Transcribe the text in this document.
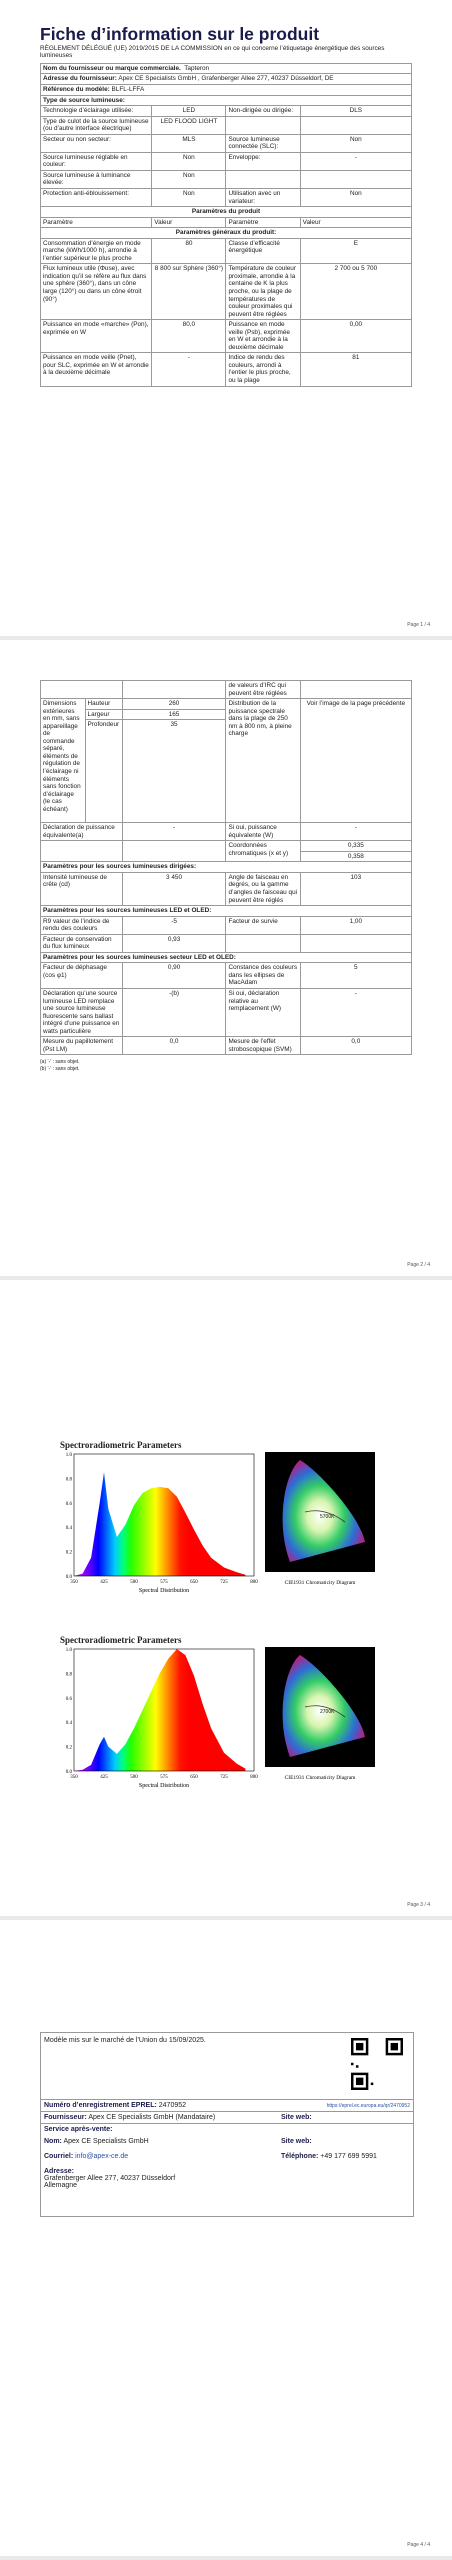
Fiche d’information sur le produit
RÈGLEMENT DÉLÉGUÉ (UE) 2019/2015 DE LA COMMISSION en ce qui concerne l’étiquetage énergétique des sources lumineuses
Nom du fournisseur ou marque commerciale. Tapteron			
Adresse du fournisseur: Apex CE Specialists GmbH , Grafenberger Allee 277, 40237 Düsseldorf, DE			
Référence du modèle: BLFL-LFFA			
Type de source lumineuse:			
Technologie d’éclairage utilisée:	LED	Non-dirigée ou dirigée:	DLS
Type de culot de la source lumineuse (ou d’autre interface électrique)	LED FLOOD LIGHT		
Secteur ou non secteur:	MLS	Source lumineuse connectée (SLC):	Non
Source lumineuse réglable en couleur:	Non	Enveloppe:	-
Source lumineuse à luminance élevée:	Non		
Protection anti-éblouissement:	Non	Utilisation avec un variateur:	Non
Paramètres du produit			
Paramètre	Valeur	Paramètre	Valeur
Paramètres généraux du produit:			
Consommation d’énergie en mode marche (kWh/1000 h), arrondie à l’entier supérieur le plus proche	80	Classe d’efficacité énergétique	E
Flux lumineux utile (Φuse), avec indication qu’il se réfère au flux dans une sphère (360°), dans un cône large (120°) ou dans un cône étroit (90°)	8 800 sur Sphère (360°)	Température de couleur proximale, arrondie à la centaine de K la plus proche, ou la plage de températures de couleur proximales qui peuvent être réglées	2 700 ou 5 700
Puissance en mode «marche» (Pon), exprimée en W	80,0	Puissance en mode veille (Psb), exprimée en W et arrondie à la deuxième décimale	0,00
Puissance en mode veille (Pnet), pour SLC, exprimée en W et arrondie à la deuxième décimale	-	Indice de rendu des couleurs, arrondi à l’entier le plus proche, ou la plage	81
Page 1 / 4
			de valeurs d’IRC qui peuvent être réglées	
Dimensions extérieures en mm, sans appareillage de commande séparé, éléments de régulation de l’éclairage ni éléments sans fonction d’éclairage (le cas échéant)	Hauteur	260	Distribution de la puissance spectrale dans la plage de 250 nm à 800 nm, à pleine charge	Voir l’image de la page précédente
	Largeur	165		
	Profondeur	35		
Déclaration de puissance équivalente(a)		-	Si oui, puissance équivalente (W)	-
			Coordonnées chromatiques (x et y)	0,335
				0,358
Paramètres pour les sources lumineuses dirigées:				
Intensité lumineuse de crête (cd)		3 450	Angle de faisceau en degrés, ou la gamme d’angles de faisceau qui peuvent être réglés	103
Paramètres pour les sources lumineuses LED et OLED:				
R9 valeur de l’indice de rendu des couleurs		-5	Facteur de survie	1,00
Facteur de conservation du flux lumineux		0,93		
Paramètres pour les sources lumineuses secteur LED et OLED:				
Facteur de déphasage (cos φ1)		0,90	Constance des couleurs dans les ellipses de MacAdam	5
Déclaration qu’une source lumineuse LED remplace une source lumineuse fluorescente sans ballast intégré d’une puissance en watts particulière		-(b)	Si oui, déclaration relative au remplacement (W)	-
Mesure du papillotement (Pst LM)		0,0	Mesure de l’effet stroboscopique (SVM)	0,0
(a) ‘-’ : sans objet.
(b) ‘-’ : sans objet.
Page 2 / 4
Spectroradiometric Parameters
0.0
0.2
0.4
0.6
0.8
1.0
350	425	500	575	650	725	800
Spectral Distribution
5700K
CIE1931 Chromaticity Diagram
Spectroradiometric Parameters
0.0
0.2
0.4
0.6
0.8
1.0
350	425	500	575	650	725	800
Spectral Distribution
2700K
CIE1931 Chromaticity Diagram
Page 3 / 4
Modèle mis sur le marché de l’Union du 15/09/2025.
Numéro d’enregistrement EPREL: 2470952	https://eprel.ec.europa.eu/qr/2470952
Fournisseur: Apex CE Specialists GmbH (Mandataire)	Site web:
Service après-vente:
Nom: Apex CE Specialists GmbH	Site web:
Courriel: info@apex-ce.de	Téléphone: +49 177 699 5991
Adresse:
Grafenberger Allee 277, 40237 Düsseldorf
Allemagne
Page 4 / 4
